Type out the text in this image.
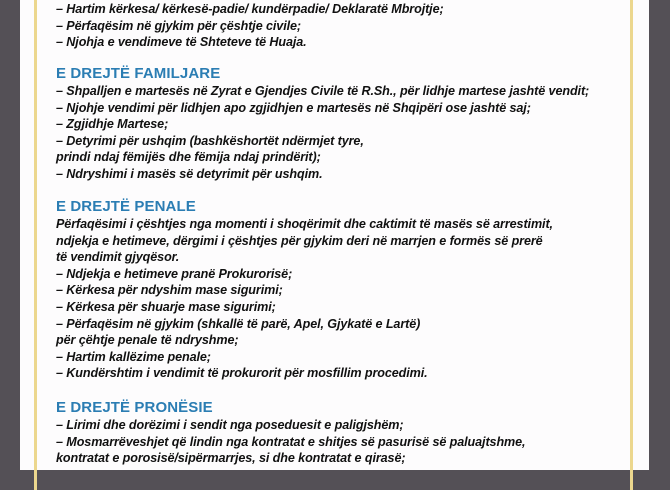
– Hartim kërkesa/ kërkesë-padie/ kundërpadie/ Deklaratë Mbrojtje;
– Përfaqësim në gjykim për çështje civile;
– Njohja e vendimeve të Shteteve të Huaja.
E DREJTË FAMILJARE
– Shpalljen e martesës në Zyrat e Gjendjes Civile të R.Sh., për lidhje martese jashtë vendit;
– Njohje vendimi për lidhjen apo zgjidhjen e martesës në Shqipëri ose jashtë saj;
– Zgjidhje Martese;
– Detyrimi për ushqim (bashkëshortët ndërmjet tyre,
prindi ndaj fëmijës dhe fëmija ndaj prindërit);
– Ndryshimi i masës së detyrimit për ushqim.
E DREJTË PENALE
Përfaqësimi i çështjes nga momenti i shoqërimit dhe caktimit të masës së arrestimit,
ndjekja e hetimeve, dërgimi i çështjes për gjykim deri në marrjen e formës së prerë
të vendimit gjyqësor.
– Ndjekja e hetimeve pranë Prokurorisë;
– Kërkesa për ndyshim mase sigurimi;
– Kërkesa për shuarje mase sigurimi;
– Përfaqësim në gjykim (shkallë të parë, Apel, Gjykatë e Lartë)
për çëhtje penale të ndryshme;
– Hartim kallëzime penale;
– Kundërshtim i vendimit të prokurorit për mosfillim procedimi.
E DREJTË PRONËSIE
– Lirimi dhe dorëzimi i sendit nga poseduesit e paligjshëm;
– Mosmarrëveshjet që lindin nga kontratat e shitjes së pasurisë së paluajtshme,
kontratat e porosisë/sipërmarrjes, si dhe kontratat e qirasë;
